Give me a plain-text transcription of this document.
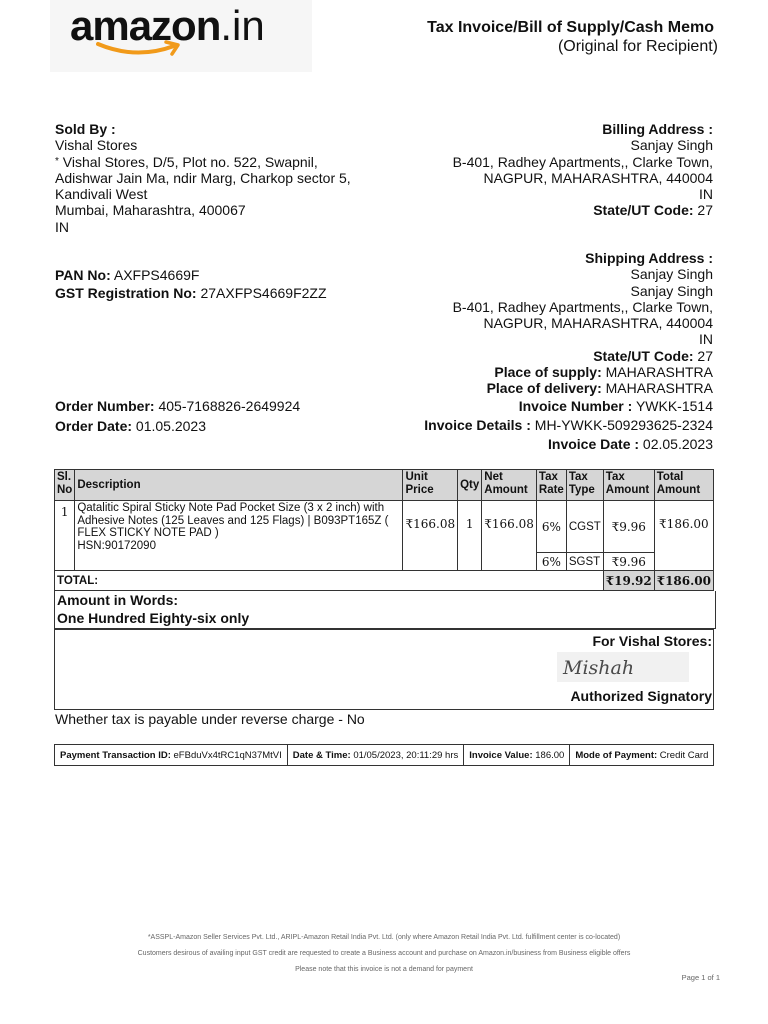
amazon.in	Tax Invoice/Bill of Supply/Cash Memo
(Original for Recipient)
Sold By :
Vishal Stores
* Vishal Stores, D/5, Plot no. 522, Swapnil,
Adishwar Jain Ma, ndir Marg, Charkop sector 5,
Kandivali West
Mumbai, Maharashtra, 400067
IN
Billing Address :
Sanjay Singh
B-401, Radhey Apartments,, Clarke Town,
NAGPUR, MAHARASHTRA, 440004
IN
State/UT Code: 27
PAN No: AXFPS4669F
GST Registration No: 27AXFPS4669F2ZZ
Shipping Address :
Sanjay Singh
Sanjay Singh
B-401, Radhey Apartments,, Clarke Town,
NAGPUR, MAHARASHTRA, 440004
IN
State/UT Code: 27
Place of supply: MAHARASHTRA
Place of delivery: MAHARASHTRA
Order Number: 405-7168826-2649924
Order Date: 01.05.2023
Invoice Number : YWKK-1514
Invoice Details : MH-YWKK-509293625-2324
Invoice Date : 02.05.2023
Sl. No	Description	Unit Price	Qty	Net Amount	Tax Rate	Tax Type	Tax Amount	Total Amount
1	Qatalitic Spiral Sticky Note Pad Pocket Size (3 x 2 inch) with Adhesive Notes (125 Leaves and 125 Flags) | B093PT165Z ( FLEX STICKY NOTE PAD )
HSN:90172090	₹166.08	1	₹166.08	6%	CGST	₹9.96	₹186.00
					6%	SGST	₹9.96	
TOTAL:							₹19.92	₹186.00
Amount in Words:
One Hundred Eighty-six only
For Vishal Stores:
Mishah
Authorized Signatory
Whether tax is payable under reverse charge - No
Payment Transaction ID: eFBduVx4tRC1qN37MtVI	Date & Time: 01/05/2023, 20:11:29 hrs	Invoice Value: 186.00	Mode of Payment: Credit Card
*ASSPL-Amazon Seller Services Pvt. Ltd., ARIPL-Amazon Retail India Pvt. Ltd. (only where Amazon Retail India Pvt. Ltd. fulfillment center is co-located)
Customers desirous of availing input GST credit are requested to create a Business account and purchase on Amazon.in/business from Business eligible offers
Please note that this invoice is not a demand for payment
Page 1 of 1
